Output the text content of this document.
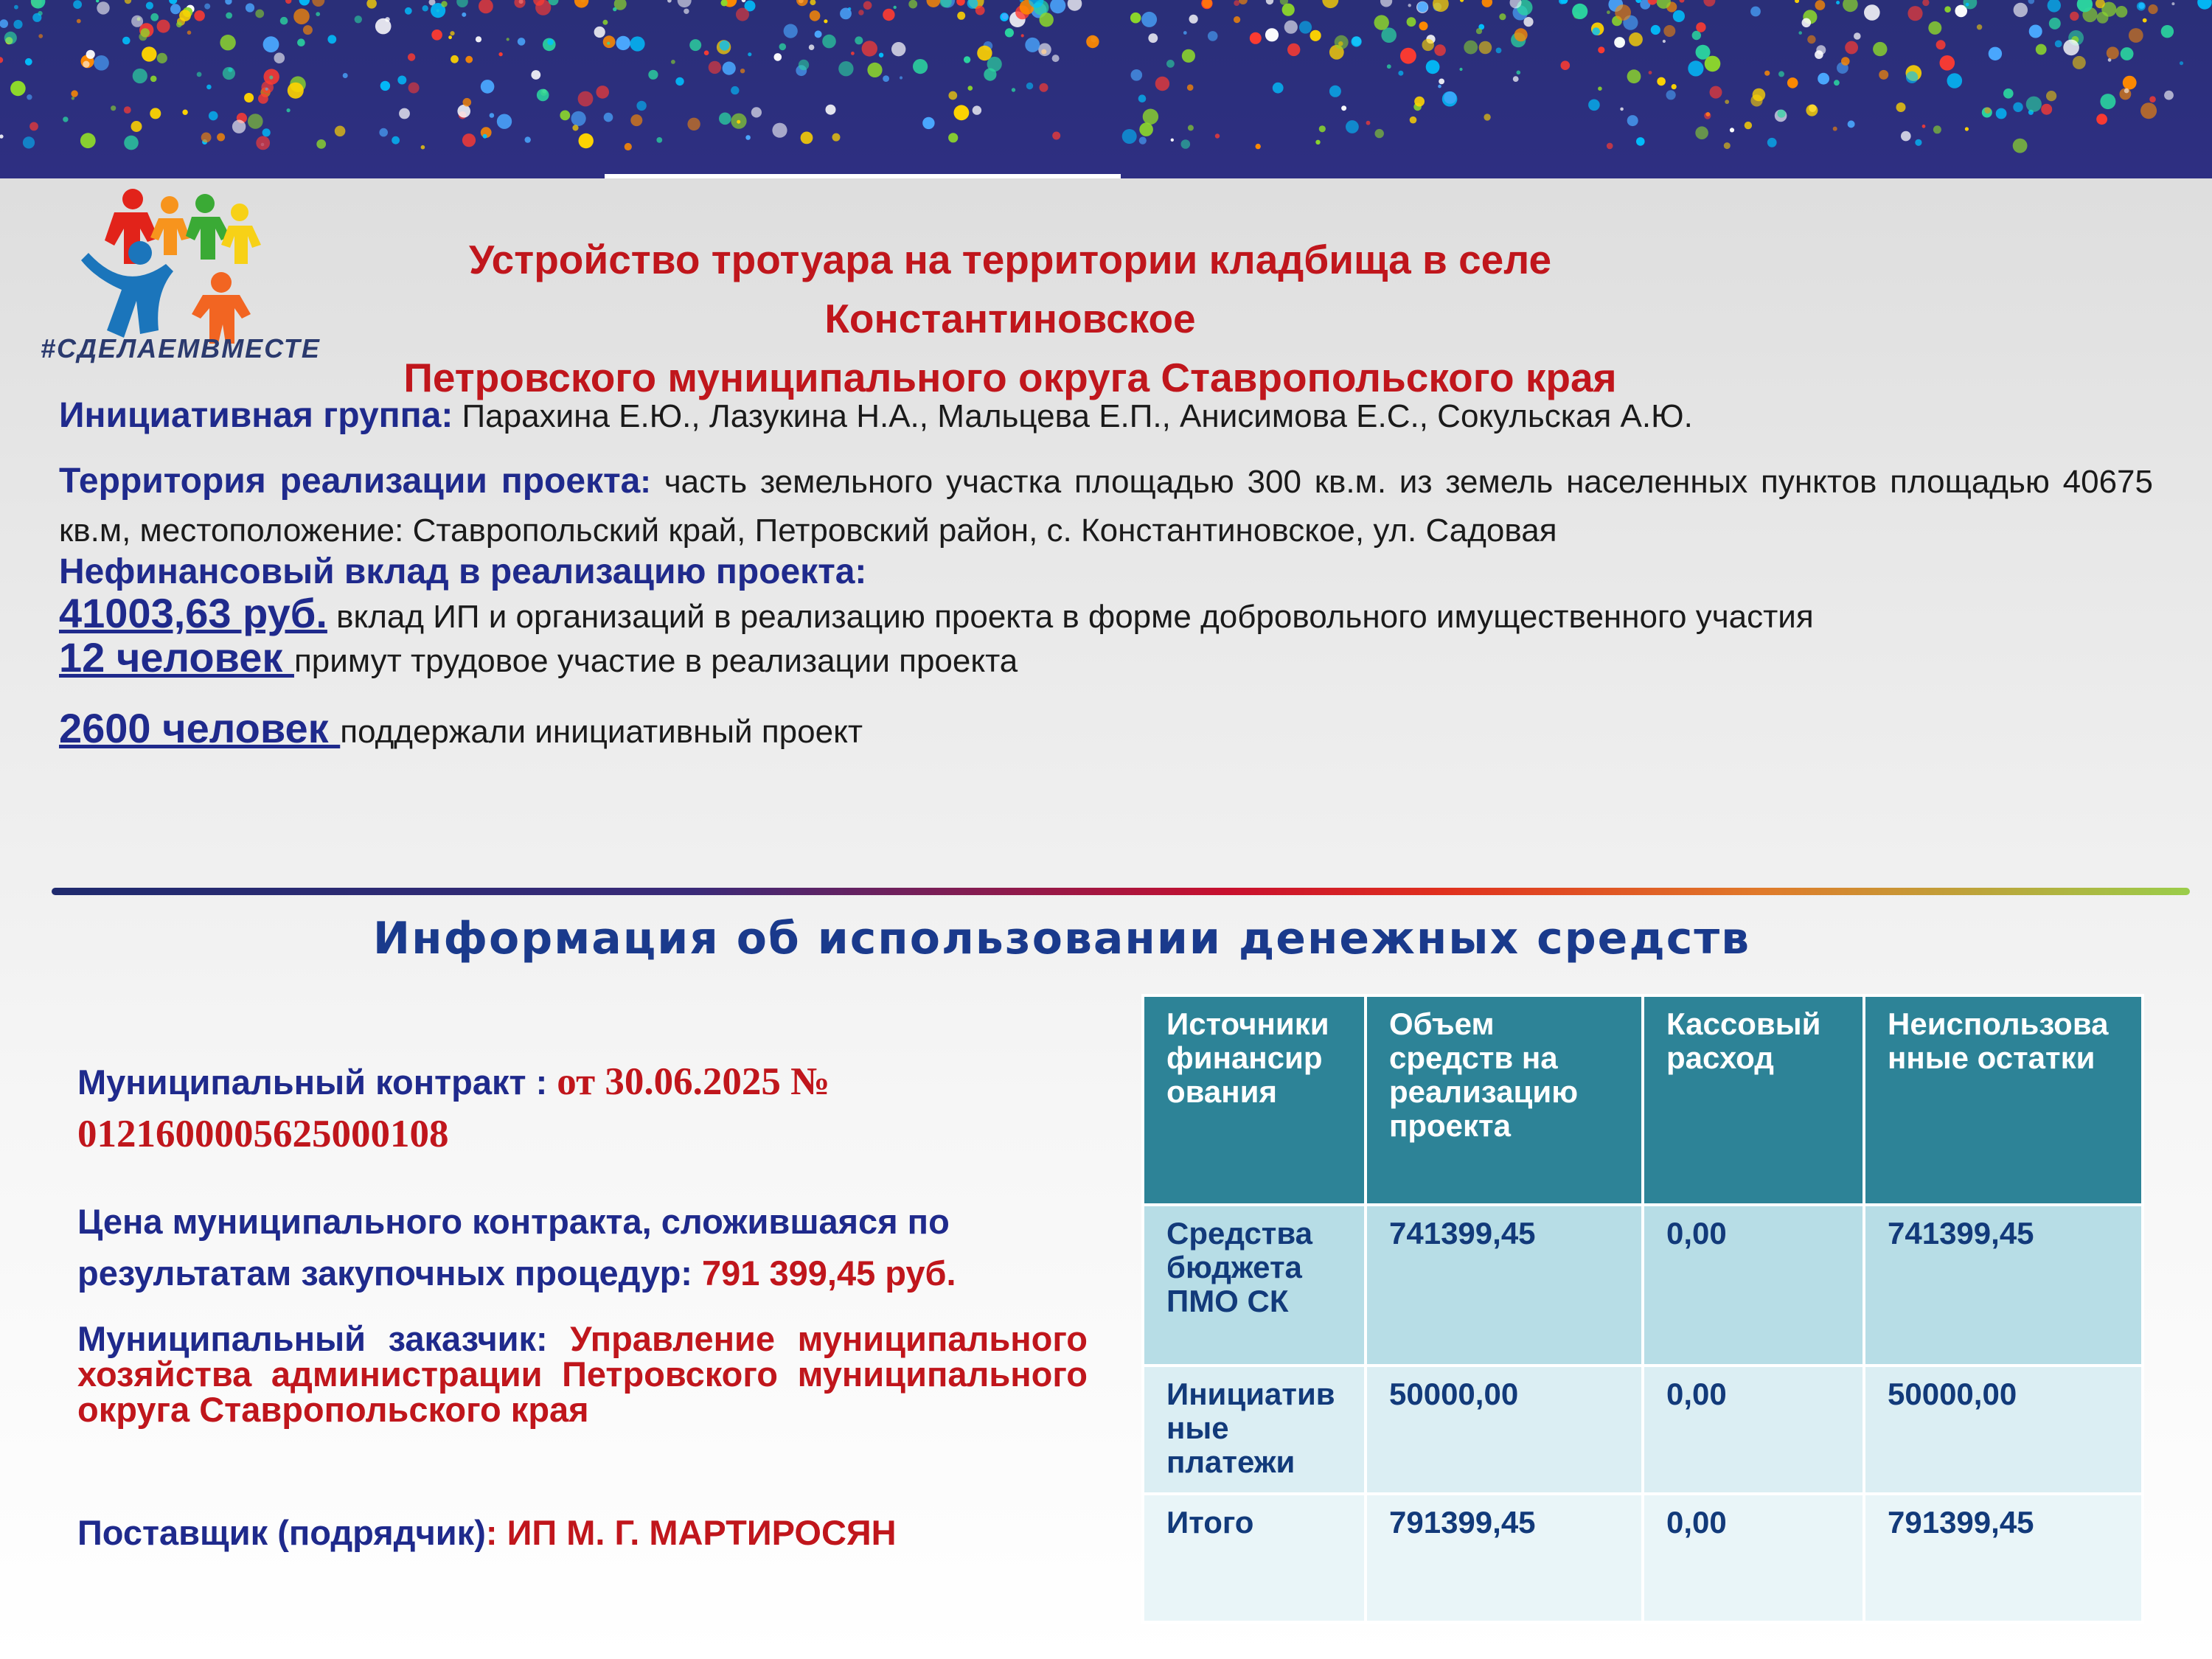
#СДЕЛАЕМВМЕСТЕ
Устройство тротуара на территории кладбища в селе Константиновское
Петровского муниципального округа Ставропольского края
Инициативная группа: Парахина Е.Ю., Лазукина Н.А., Мальцева Е.П., Анисимова Е.С., Сокульская А.Ю.
Территория реализации проекта: часть земельного участка площадью 300 кв.м. из земель населенных пунктов площадью 40675 кв.м, местоположение: Ставропольский край, Петровский район, с. Константиновское, ул. Садовая
Нефинансовый вклад в реализацию проекта:
41003,63 руб. вклад ИП и организаций в реализацию проекта в форме добровольного имущественного участия
12 человек примут трудовое участие в реализации проекта
2600 человек поддержали инициативный проект
Информация об использовании денежных средств
Муниципальный контракт : от 30.06.2025 № 0121600005625000108
Цена муниципального контракта, сложившаяся по результатам закупочных процедур: 791 399,45 руб.
Муниципальный заказчик: Управление муниципального хозяйства администрации Петровского муниципального округа Ставропольского края
Поставщик (подрядчик): ИП М. Г. МАРТИРОСЯН
Источники финансир ования	Объем средств на реализацию проекта	Кассовый расход	Неиспользова нные остатки
Средства бюджета ПМО СК	741399,45	0,00	741399,45
Инициатив ные платежи	50000,00	0,00	50000,00
Итого	791399,45	0,00	791399,45
